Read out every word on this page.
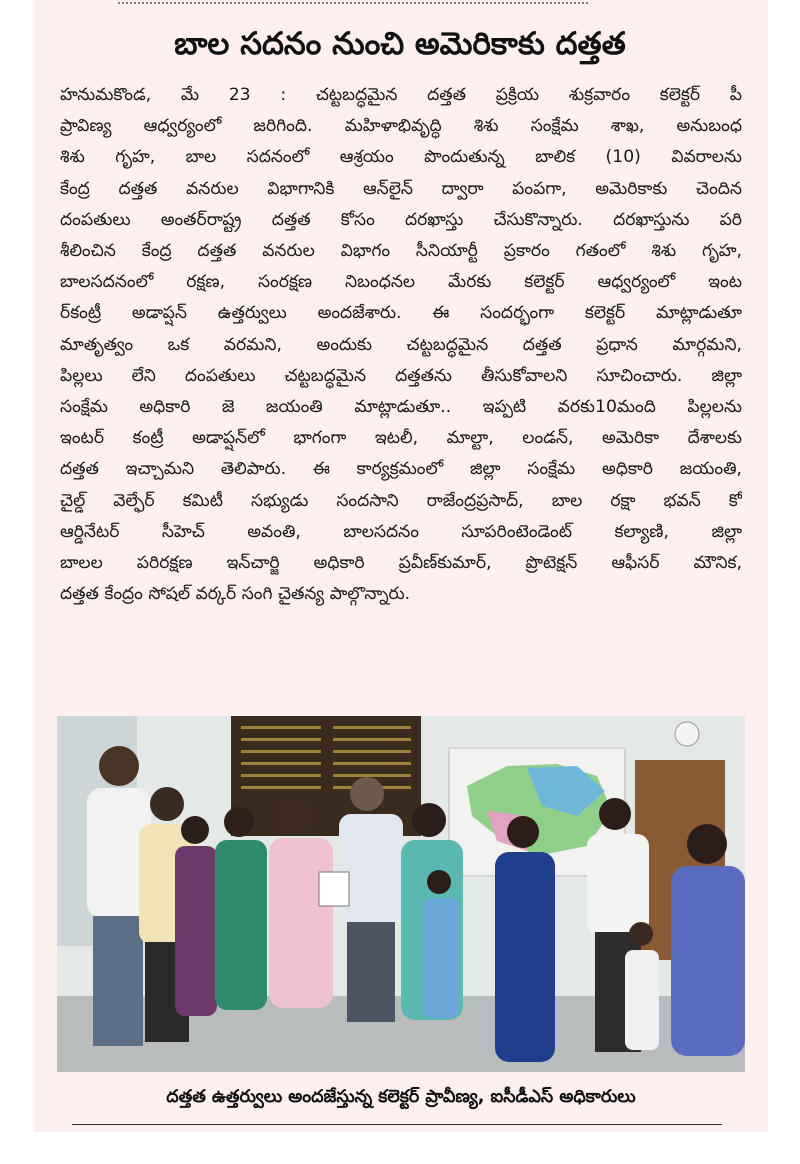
బాల సదనం నుంచి అమెరికాకు దత్తత
హనుమకొండ, మే 23 : చట్టబద్ధమైన దత్తత ప్రక్రియ శుక్రవారం కలెక్టర్ పీ
ప్రావిణ్య ఆధ్వర్యంలో జరిగింది. మహిళాభివృద్ధి శిశు సంక్షేమ శాఖ, అనుబంధ
శిశు గృహ, బాల సదనంలో ఆశ్రయం పొందుతున్న బాలిక (10) వివరాలను
కేంద్ర దత్తత వనరుల విభాగానికి ఆన్‌లైన్ ద్వారా పంపగా, అమెరికాకు చెందిన
దంపతులు అంతర్‌రాష్ట్ర దత్తత కోసం దరఖాస్తు చేసుకొన్నారు. దరఖాస్తును పరి
శీలించిన కేంద్ర దత్తత వనరుల విభాగం సీనియార్టీ ప్రకారం గతంలో శిశు గృహ,
బాలసదనంలో రక్షణ, సంరక్షణ నిబంధనల మేరకు కలెక్టర్ ఆధ్వర్యంలో ఇంట
ర్‌కంట్రీ అడాప్షన్ ఉత్తర్వులు అందజేశారు. ఈ సందర్భంగా కలెక్టర్ మాట్లాడుతూ
మాతృత్వం ఒక వరమని, అందుకు చట్టబద్ధమైన దత్తత ప్రధాన మార్గమని,
పిల్లలు లేని దంపతులు చట్టబద్ధమైన దత్తతను తీసుకోవాలని సూచించారు. జిల్లా
సంక్షేమ అధికారి జె జయంతి మాట్లాడుతూ.. ఇప్పటి వరకు10మంది పిల్లలను
ఇంటర్ కంట్రీ అడాప్షన్‌లో భాగంగా ఇటలీ, మాల్టా, లండన్, అమెరికా దేశాలకు
దత్తత ఇచ్చామని తెలిపారు. ఈ కార్యక్రమంలో జిల్లా సంక్షేమ అధికారి జయంతి,
చైల్డ్ వెల్ఫేర్ కమిటీ సభ్యుడు సందసాని రాజేంద్రప్రసాద్, బాల రక్షా భవన్ కో
ఆర్డినేటర్ సీహెచ్ అవంతి, బాలసదనం సూపరింటెండెంట్ కల్యాణి, జిల్లా
బాలల పరిరక్షణ ఇన్‌చార్జి అధికారి ప్రవీణ్‌కుమార్, ప్రొటెక్షన్ ఆఫీసర్ మౌనిక,
దత్తత కేంద్రం సోషల్ వర్కర్ సంగి చైతన్య పాల్గొన్నారు.
దత్తత ఉత్తర్వులు అందజేస్తున్న కలెక్టర్ ప్రావీణ్య, ఐసీడీఎస్ అధికారులు
